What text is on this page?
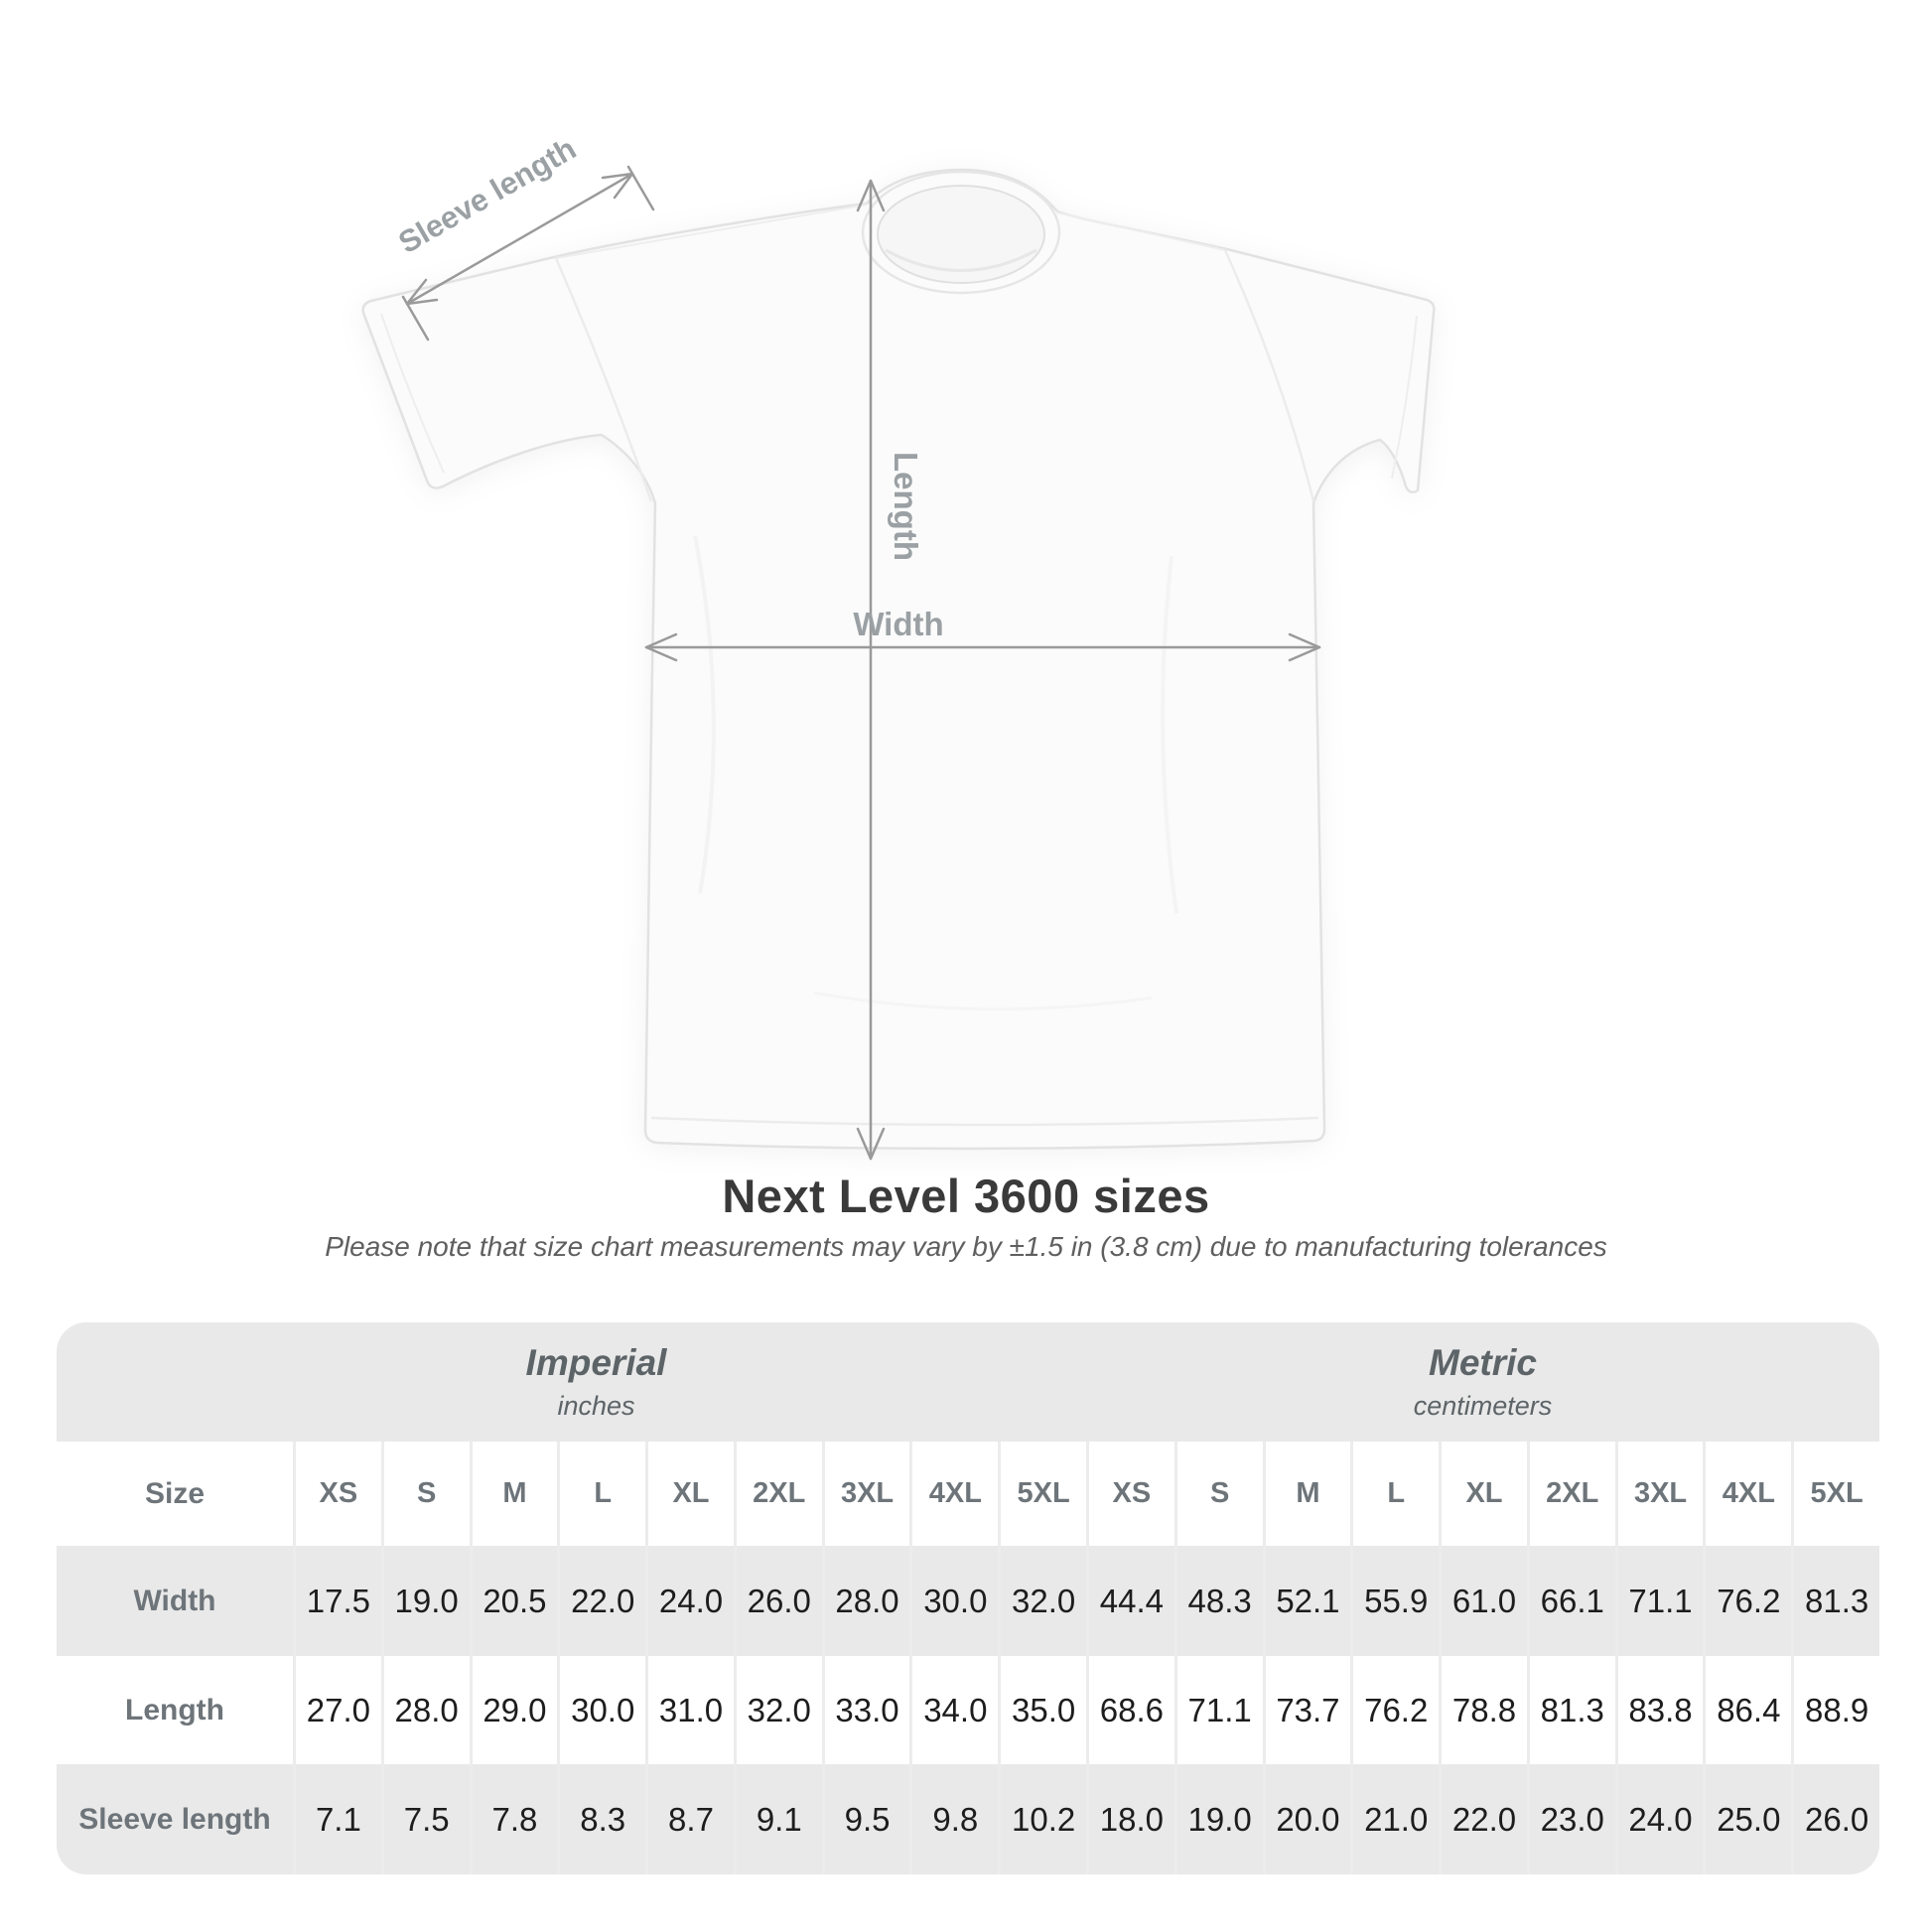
Sleeve length
Length
Width
Next Level 3600 sizes

Please note that size chart measurements may vary by ±1.5 in (3.8 cm) due to manufacturing tolerances

Imperial
inches
Metric
centimeters
Size	XS	S	M	L	XL	2XL	3XL	4XL	5XL	XS	S	M	L	XL	2XL	3XL	4XL	5XL
Width	17.5 19.0 20.5 22.0 24.0 26.0 28.0 30.0 32.0 44.4 48.3 52.1 55.9 61.0 66.1 71.1 76.2 81.3
Length	27.0 28.0 29.0 30.0 31.0 32.0 33.0 34.0 35.0 68.6 71.1 73.7 76.2 78.8 81.3 83.8 86.4 88.9
Sleeve length	7.1	7.5	7.8	8.3	8.7	9.1	9.5	9.8	10.2 18.0 19.0 20.0 21.0 22.0 23.0 24.0 25.0 26.0
